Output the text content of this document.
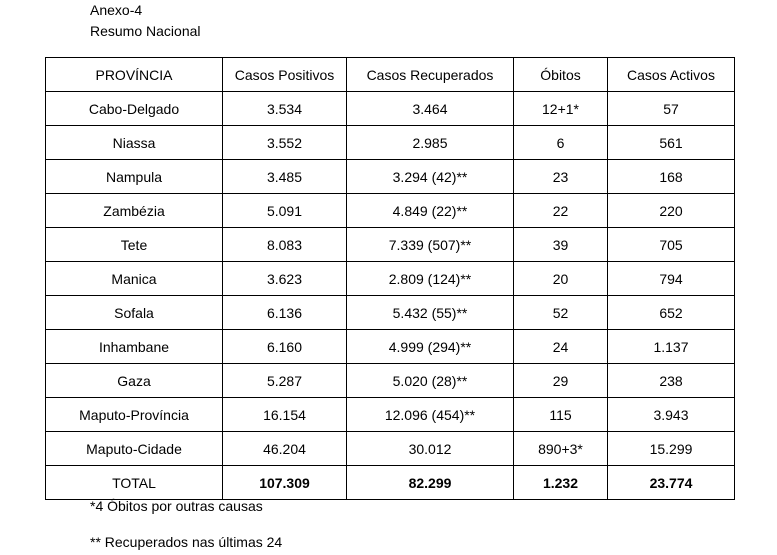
Anexo-4
Resumo Nacional
PROVÍNCIA	Casos Positivos	Casos Recuperados	Óbitos	Casos Activos
Cabo-Delgado	3.534	3.464	12+1*	57
Niassa	3.552	2.985	6	561
Nampula	3.485	3.294 (42)**	23	168
Zambézia	5.091	4.849 (22)**	22	220
Tete	8.083	7.339 (507)**	39	705
Manica	3.623	2.809 (124)**	20	794
Sofala	6.136	5.432 (55)**	52	652
Inhambane	6.160	4.999 (294)**	24	1.137
Gaza	5.287	5.020 (28)**	29	238
Maputo-Província	16.154	12.096 (454)**	115	3.943
Maputo-Cidade	46.204	30.012	890+3*	15.299
TOTAL	107.309	82.299	1.232	23.774
*4 Óbitos por outras causas
** Recuperados nas últimas 24
